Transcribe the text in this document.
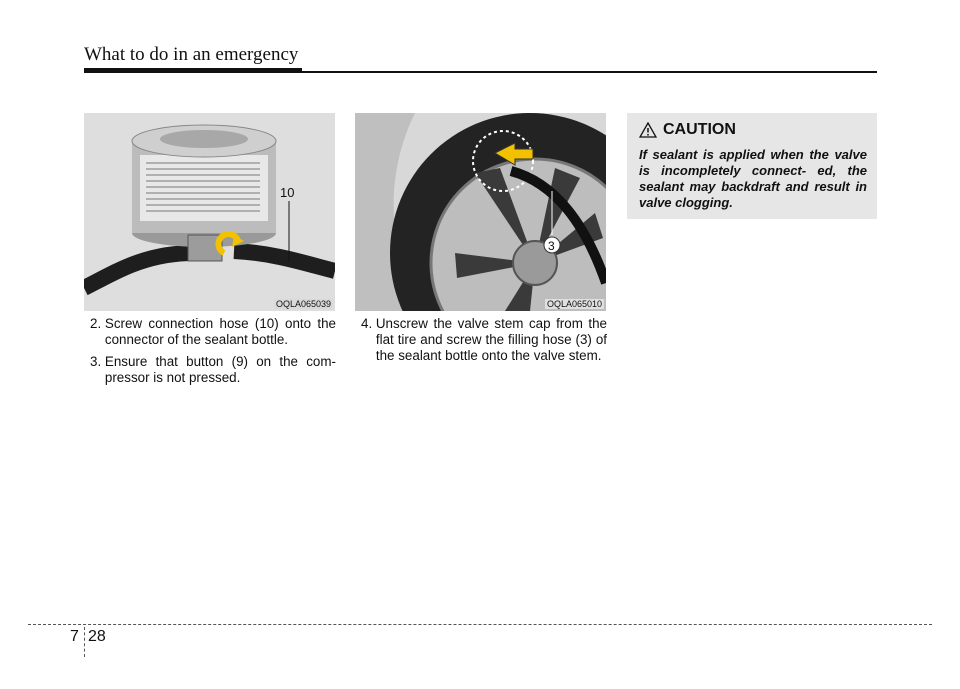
What to do in an emergency
10
OQLA065039
3
OQLA065010
2. Screw connection hose (10) onto the connector of the sealant bottle.
3. Ensure that button (9) on the com- pressor is not pressed.
4. Unscrew the valve stem cap from the flat tire and screw the filling hose (3) of the sealant bottle onto the valve stem.
CAUTION
If sealant is applied when the valve is incompletely connect- ed, the sealant may backdraft and result in valve clogging.
7 28
